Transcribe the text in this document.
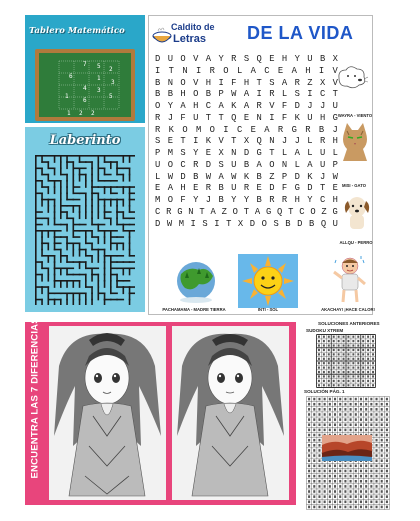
Tablero Matemático
7 5 2
6	1
3
4 3
1
6
5
1 2 2
Laberinto
Caldito de
Letras DE LA VIDA
D U O V A Y R S Q E H Y U B X
I T N I R O L A C E A H I V
B N O V H I F H T S A R Z X V
B B H O B P W A I R L S I C T
O Y A H C A K A R V F D J J U
R J F U T T Q E N I F K U H G
R K O M O I C E A R G R B J
S E T I K V T X Q N J J L R H
P M S Y E X N D G T L A L U L
U O C R D S U B A O N L A U P
L W D B W A W K B Z P D K J W
E A H E R B U R E D F G D T E
M O F Y J B Y Y B R R H Y C H
C R G N T A Z O T A G Q T C O Z G
D W M I S I T X D O S B D B Q U
WAYRA - VIENTO
MISI - GATO
ALLQU - PERRO
PACHAMAMA - MADRE TIERRA	INTI - SOL	AKACHAY! ¡HACE CALOR!
SOLUCIONES ANTERIORES
SUDOKU XTREM
SOLUCIÓN PÁG. 1
ENCUENTRA LAS 7 DIFERENCIAS
